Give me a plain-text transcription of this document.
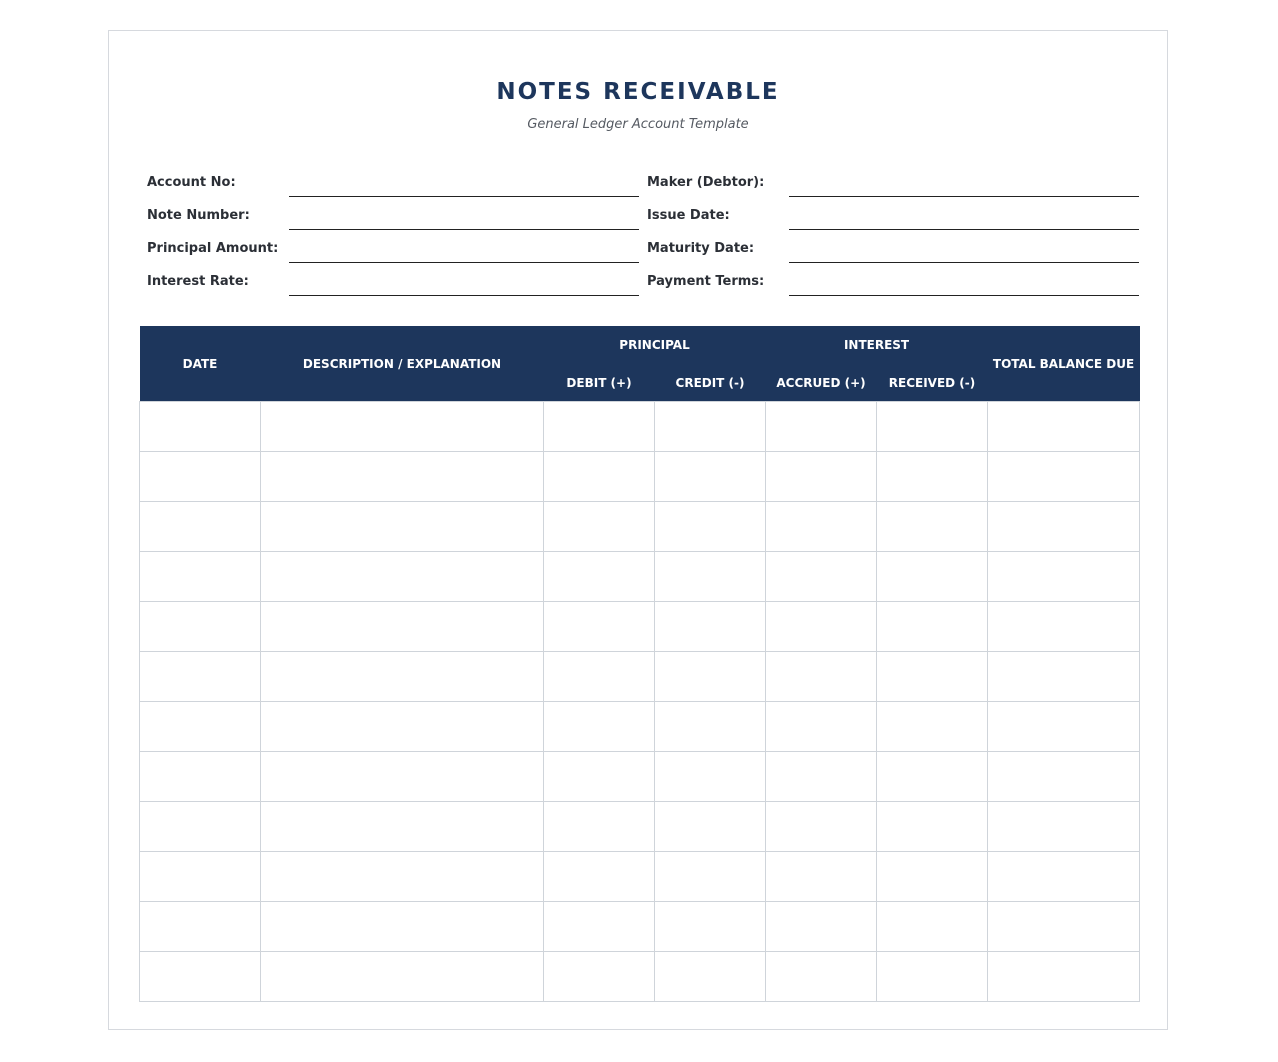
NOTES RECEIVABLE
General Ledger Account Template
Account No:
Note Number:
Principal Amount:
Interest Rate:
Maker (Debtor):
Issue Date:
Maturity Date:
Payment Terms:
DATE	DESCRIPTION / EXPLANATION	PRINCIPAL		INTEREST		TOTAL BALANCE DUE
		DEBIT (+)	CREDIT (-)	ACCRUED (+)	RECEIVED (-)	
